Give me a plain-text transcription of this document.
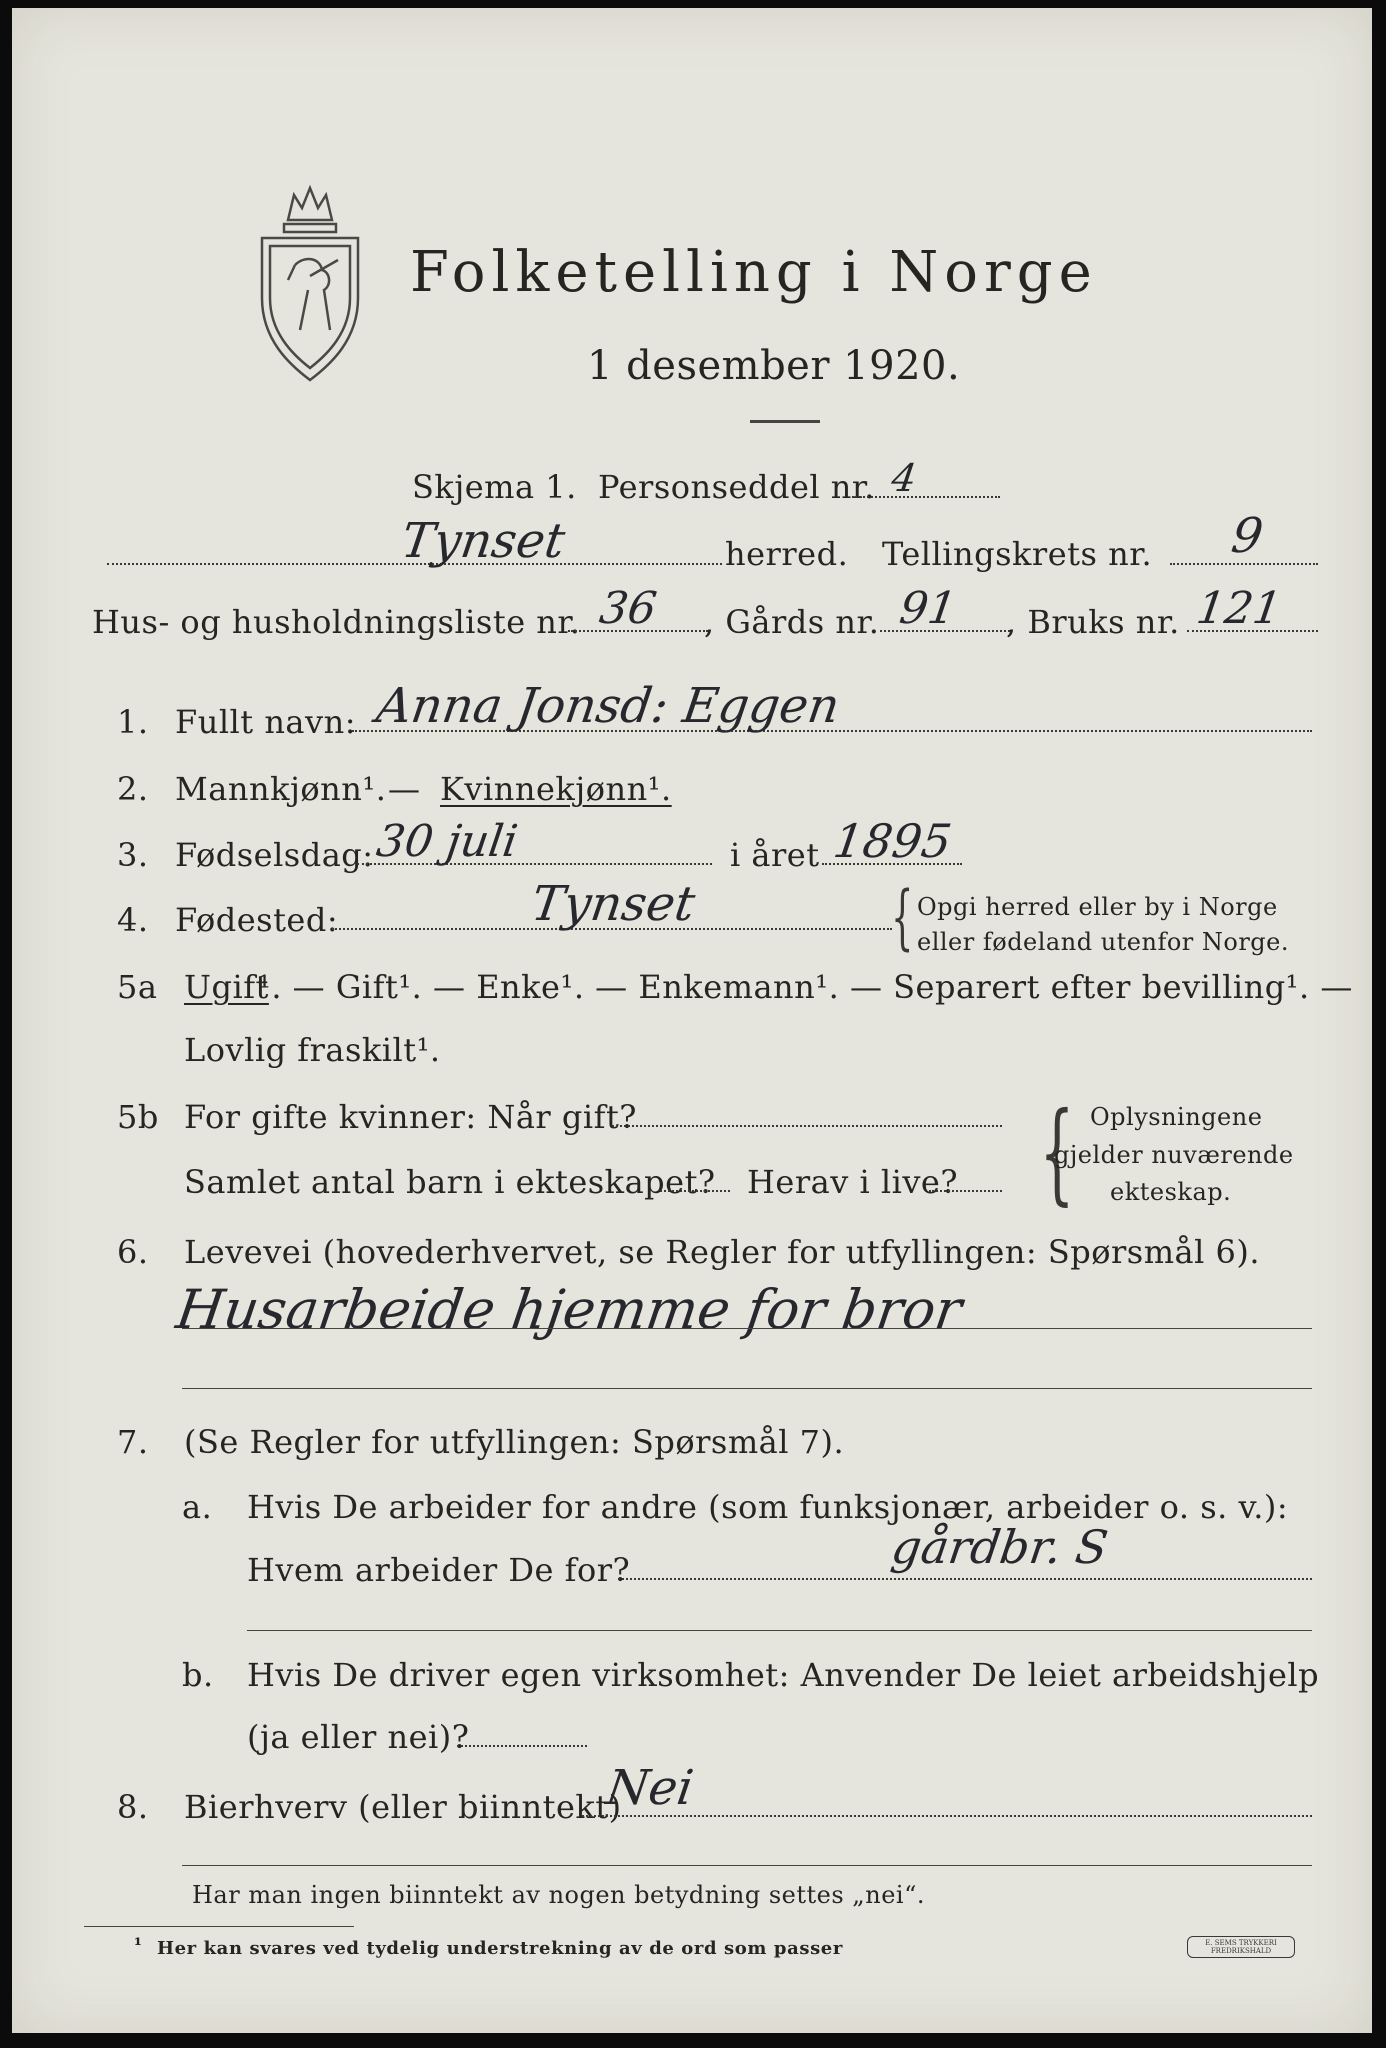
Folketelling i Norge
1 desember 1920.
Skjema 1. Personseddel nr. 4
Tynset	herred. Tellingskrets nr. 9
Hus- og husholdningsliste nr. 36 , Gårds nr. 91 , Bruks nr. 121
1. Fullt navn: Anna Jonsd: Eggen
2. Mannkjønn¹. — Kvinnekjønn¹.
3. Fødselsdag: 30 juli	i året 1895
4. Fødested:	Tynset	{ Opgi herred eller by i Norge
eller fødeland utenfor Norge.
5a Ugift
¹. — Gift¹. — Enke¹. — Enkemann¹. — Separert efter bevilling¹. —
Lovlig fraskilt¹.
5b For gifte kvinner: Når gift?
Samlet antal barn i ekteskapet? Herav i live? { Oplysningene
gjelder nuværende
ekteskap.
6. Levevei (hovederhvervet, se Regler for utfyllingen: Spørsmål 6).
Husarbeide hjemme for bror
7. (Se Regler for utfyllingen: Spørsmål 7).
a. Hvis De arbeider for andre (som funksjonær, arbeider o. s. v.):
Hvem arbeider De for?	gårdbr. S
b. Hvis De driver egen virksomhet: Anvender De leiet arbeidshjelp
(ja eller nei)?
8. Bierhverv (eller biinntekt)
Nei
Har man ingen biinntekt av nogen betydning settes „nei“.
¹ Her kan svares ved tydelig understrekning av de ord som passer	E. SEMS TRYKKERI
FREDRIKSHALD
